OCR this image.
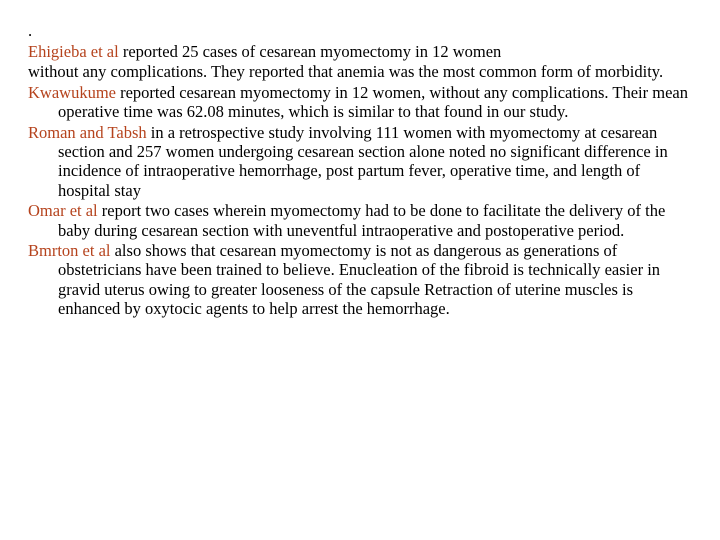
.

Ehigieba et al reported 25 cases of cesarean myomectomy in 12 women

without any complications. They reported that anemia was the most common form of morbidity.

Kwawukume reported cesarean myomectomy in 12 women, without any complications. Their mean operative time was 62.08 minutes, which is similar to that found in our study.

Roman and Tabsh in a retrospective study involving 111 women with myomectomy at cesarean section and 257 women undergoing cesarean section alone noted no significant difference in incidence of intraoperative hemorrhage, post partum fever, operative time, and length of hospital stay

Omar et al report two cases wherein myomectomy had to be done to facilitate the delivery of the baby during cesarean section with uneventful intraoperative and postoperative period.

Bmrton et al also shows that cesarean myomectomy is not as dangerous as generations of obstetricians have been trained to believe. Enucleation of the fibroid is technically easier in gravid uterus owing to greater looseness of the capsule Retraction of uterine muscles is enhanced by oxytocic agents to help arrest the hemorrhage.
